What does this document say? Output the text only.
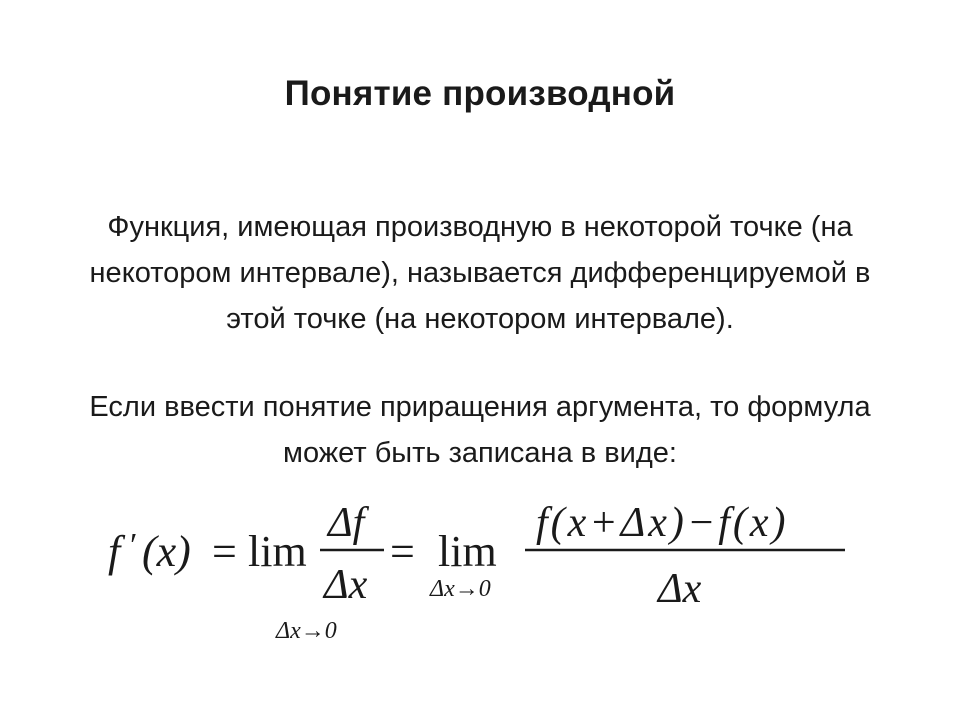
Понятие производной
Функция, имеющая производную в некоторой точке (на
некотором интервале), называется дифференцируемой в
этой точке (на некотором интервале).
Если ввести понятие приращения аргумента, то формула
может быть записана в виде:
f ′ (x) = lim
Δx→0
Δf
Δx
= lim
Δx→0
f(x+Δx)−f(x)
Δx
